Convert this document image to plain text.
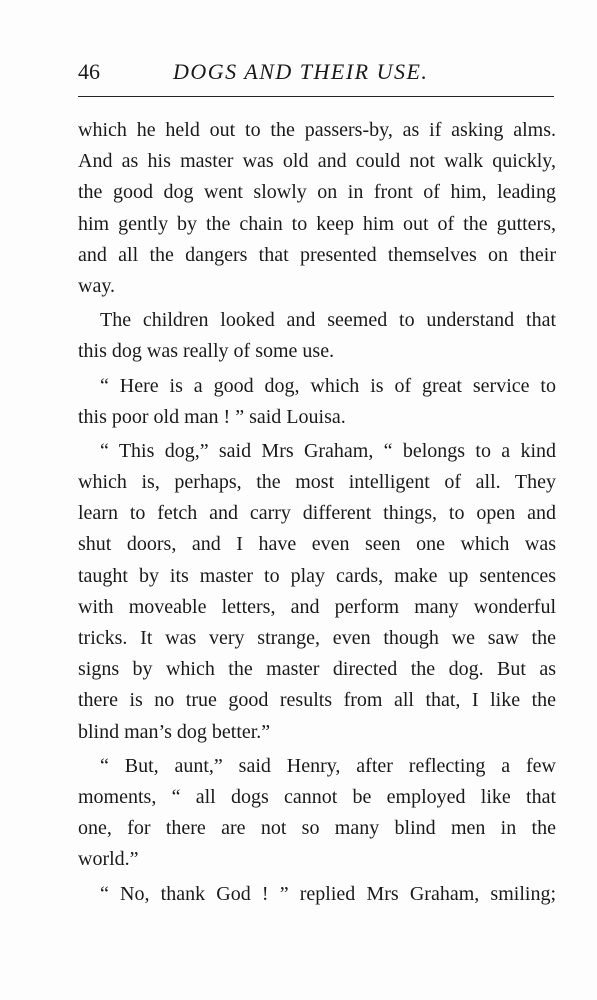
46	DOGS AND THEIR USE.
which he held out to the passers-by, as if asking alms.
And as his master was old and could not walk quickly,
the good dog went slowly on in front of him, leading
him gently by the chain to keep him out of the gutters,
and all the dangers that presented themselves on their
way.
The children looked and seemed to understand that
this dog was really of some use.
“ Here is a good dog, which is of great service to
this poor old man ! ” said Louisa.
“ This dog,” said Mrs Graham, “ belongs to a kind
which is, perhaps, the most intelligent of all. They
learn to fetch and carry different things, to open and
shut doors, and I have even seen one which was
taught by its master to play cards, make up sentences
with moveable letters, and perform many wonderful
tricks. It was very strange, even though we saw the
signs by which the master directed the dog. But as
there is no true good results from all that, I like the
blind man’s dog better.”
“ But, aunt,” said Henry, after reflecting a few
moments, “ all dogs cannot be employed like that
one, for there are not so many blind men in the
world.”
“ No, thank God ! ” replied Mrs Graham, smiling;
